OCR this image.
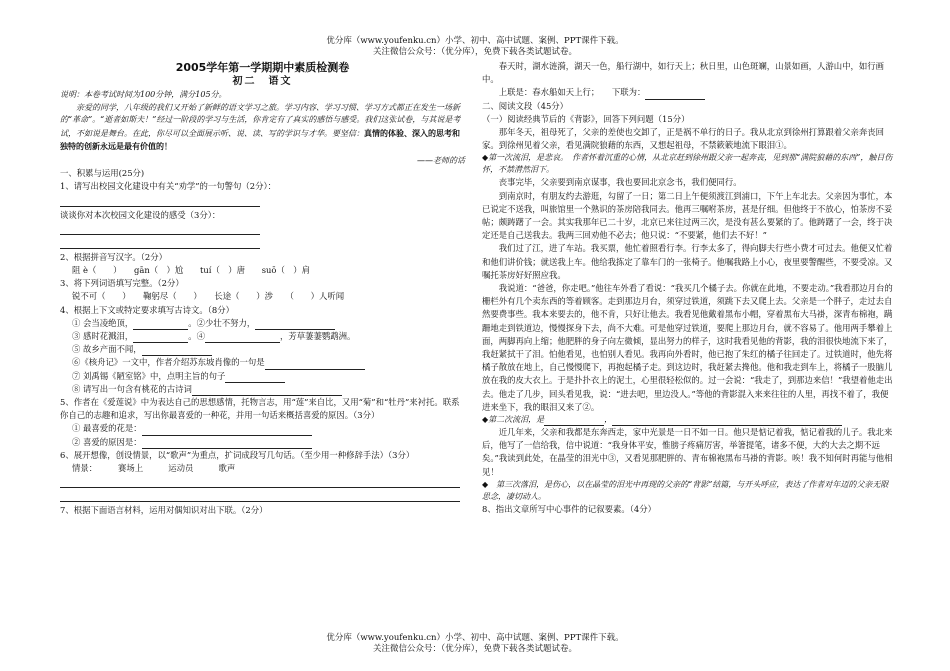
优分库（www.youfenku.cn）小学、初中、高中试题、案例、PPT课件下载。
关注微信公众号：（优分库），免费下载各类试题试卷。

2005学年第一学期期中素质检测卷

初二　语文

说明：本卷考试时间为100分钟，满分105分。

亲爱的同学，八年级的我们又开始了新鲜的语文学习之旅。学习内容、学习习惯、学习方式都正在发生一场新的“革命”。“逝者如斯夫！”经过一阶段的学习与生活，你肯定有了真实的感悟与感受。我们这张试卷，与其说是考试，不如说是舞台。在此，你尽可以全面展示听、说、读、写的学识与才华。要坚信：真情的体验、深入的思考和独特的创新永远是最有价值的！

——老师的话

一、积累与运用(25分)

1、请写出校园文化建设中有关“劝学”的一句警句（2分）：

谈谈你对本次校园文化建设的感受（3分）：

2、根据拼音写汉字。（2分）

阻 è（　　）　　gān（　）尬　　tuí（　）唐　　suō（　）肩

3、将下列词语填写完整。（2分）

锐不可（　　）　　鞠躬尽（　　）　　长途（　　）涉　　（　　）人听闻

4、根据上下文或特定要求填写古诗文。（8分）

① 会当凌绝顶，	。②少壮不努力，

③ 感时花溅泪，	。④	，芳草萋萋鹦鹉洲。

⑤ 故乡产面不闻，

⑥《核舟记》一文中，作者介绍苏东坡肖像的一句是

⑦ 刘禹锡《陋室铭》中，点明主旨的句子

⑧ 请写出一句含有桃花的古诗词

5、作者在《爱莲说》中为表达自己的思想感情，托物言志，用“莲”来自比，又用“菊”和“牡丹”来衬托。联系你自己的志趣和追求，写出你最喜爱的一种花，并用一句话来概括喜爱的原因。（3分）

① 最喜爱的花是：

② 喜爱的原因是：

6、展开想像，创设情景，以“歌声”为重点，扩词成段写几句话。（至少用一种修辞手法）（3分）

情景：　　　赛场上　　　运动员　　　歌声

7、根据下面语言材料，运用对偶知识对出下联。（2分）

春天时，湖水涟漪，湖天一色，船行湖中，如行天上；秋日里，山色斑斓，山景如画，人游山中，如行画中。

上联是：春水船如天上行；　　下联为：

二、阅读文段（45分）

（一）阅读经典节后的《背影》，回答下列问题（15分）

那年冬天，祖母死了，父亲的差使也交卸了，正是祸不单行的日子。我从北京到徐州打算跟着父亲奔丧回家。到徐州见着父亲，看见满院狼藉的东西，又想起祖母，不禁簌簌地流下眼泪①。

◆第一次流泪，是悲哀。　作者怀着沉重的心情，从北京赶到徐州跟父亲一起奔丧，见到那“满院狼藉的东西”，触目伤怀，不禁潸然泪下。

丧事完毕，父亲要到南京谋事，我也要回北京念书，我们便同行。

到南京时，有朋友约去游逛，勾留了一日；第二日上午便须渡江到浦口，下午上车北去。父亲因为事忙，本已说定不送我，叫旅馆里一个熟识的茶房陪我同去。他再三嘱咐茶房，甚是仔细。但他终于不放心，怕茶房不妥帖；颇踌躇了一会。其实我那年已二十岁，北京已来往过两三次，是没有甚么要紧的了。他踌躇了一会，终于决定还是自己送我去。我两三回劝他不必去；他只说：“不要紧，他们去不好！”

我们过了江，进了车站。我买票，他忙着照看行李。行李太多了，得向脚夫行些小费才可过去。他便又忙着和他们讲价钱；就送我上车。他给我拣定了靠车门的一张椅子。他嘱我路上小心，夜里要警醒些，不要受凉。又嘱托茶房好好照应我。

我说道：“爸爸，你走吧。”他往车外看了看说：“我买几个橘子去。你就在此地，不要走动。”我看那边月台的栅栏外有几个卖东西的等着顾客。走到那边月台，须穿过铁道，须跳下去又爬上去。父亲是一个胖子，走过去自然要费事些。我本来要去的，他不肯，只好让他去。我看见他戴着黑布小帽，穿着黑布大马褂，深青布棉袍，蹒跚地走到铁道边，慢慢探身下去，尚不大难。可是他穿过铁道，要爬上那边月台，就不容易了。他用两手攀着上面，两脚再向上缩；他肥胖的身子向左微倾，显出努力的样子，这时我看见他的背影，我的泪很快地流下来了，我赶紧拭干了泪。怕他看见，也怕别人看见。我再向外看时，他已抱了朱红的橘子往回走了。过铁道时，他先将橘子散放在地上，自己慢慢爬下，再抱起橘子走。到这边时，我赶紧去搀他。他和我走到车上，将橘子一股脑儿放在我的皮大衣上。于是扑扑衣上的泥土，心里很轻松似的。过一会说：“我走了，到那边来信！”我望着他走出去。他走了几步，回头看见我，说：“进去吧，里边没人。”等他的背影混入来来往往的人里，再找不着了，我便进来坐下，我的眼泪又来了②。

◆第二次流泪，是	，

近几年来，父亲和我都是东奔西走，家中光景是一日不如一日。他只是惦记着我，惦记着我的儿子。我北来后，他写了一信给我，信中说道：“我身体平安，惟膀子疼痛厉害，举箸提笔，诸多不便，大约大去之期不远矣。”我读到此处，在晶莹的泪光中③，又看见那肥胖的、青布棉袍黑布马褂的背影。唉！我不知何时再能与他相见！

◆　第三次落泪，是伤心，以在晶莹的泪光中再现的父亲的“背影”结篇，与开头呼应，表达了作者对年迈的父亲无限思念，凄切动人。

8、指出文章所写中心事件的记叙要素。（4分）

优分库（www.youfenku.cn）小学、初中、高中试题、案例、PPT课件下载。
关注微信公众号：（优分库），免费下载各类试题试卷。
